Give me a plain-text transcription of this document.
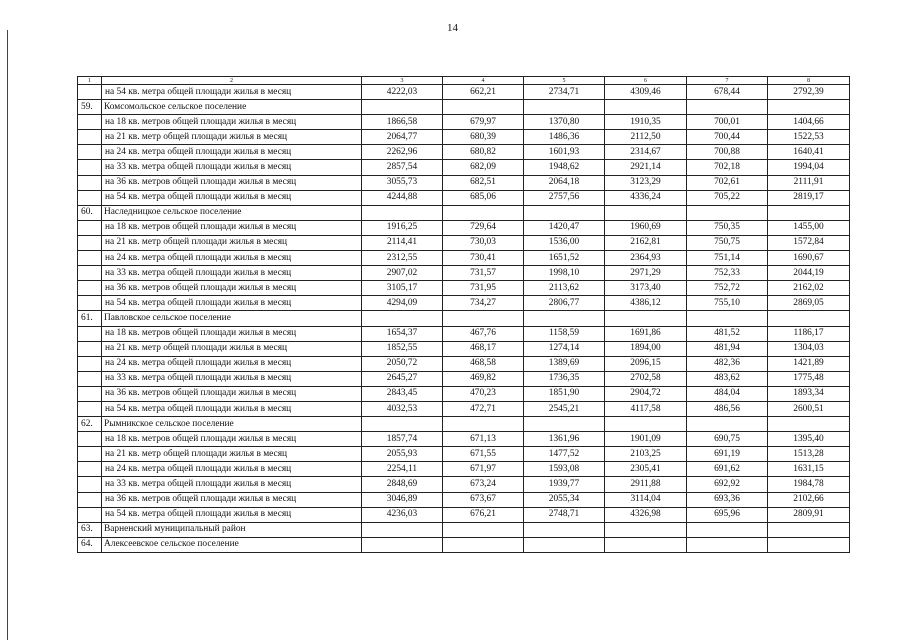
14
1	2	3	4	5	6	7	8
	на 54 кв. метра общей площади жилья в месяц	4222,03	662,21	2734,71	4309,46	678,44	2792,39
59.	Комсомольское сельское поселение						
	на 18 кв. метров общей площади жилья в месяц	1866,58	679,97	1370,80	1910,35	700,01	1404,66
	на 21 кв. метр общей площади жилья в месяц	2064,77	680,39	1486,36	2112,50	700,44	1522,53
	на 24 кв. метра общей площади жилья в месяц	2262,96	680,82	1601,93	2314,67	700,88	1640,41
	на 33 кв. метра общей площади жилья в месяц	2857,54	682,09	1948,62	2921,14	702,18	1994,04
	на 36 кв. метров общей площади жилья в месяц	3055,73	682,51	2064,18	3123,29	702,61	2111,91
	на 54 кв. метра общей площади жилья в месяц	4244,88	685,06	2757,56	4336,24	705,22	2819,17
60.	Наследницкое сельское поселение						
	на 18 кв. метров общей площади жилья в месяц	1916,25	729,64	1420,47	1960,69	750,35	1455,00
	на 21 кв. метр общей площади жилья в месяц	2114,41	730,03	1536,00	2162,81	750,75	1572,84
	на 24 кв. метра общей площади жилья в месяц	2312,55	730,41	1651,52	2364,93	751,14	1690,67
	на 33 кв. метра общей площади жилья в месяц	2907,02	731,57	1998,10	2971,29	752,33	2044,19
	на 36 кв. метров общей площади жилья в месяц	3105,17	731,95	2113,62	3173,40	752,72	2162,02
	на 54 кв. метра общей площади жилья в месяц	4294,09	734,27	2806,77	4386,12	755,10	2869,05
61.	Павловское сельское поселение						
	на 18 кв. метров общей площади жилья в месяц	1654,37	467,76	1158,59	1691,86	481,52	1186,17
	на 21 кв. метр общей площади жилья в месяц	1852,55	468,17	1274,14	1894,00	481,94	1304,03
	на 24 кв. метра общей площади жилья в месяц	2050,72	468,58	1389,69	2096,15	482,36	1421,89
	на 33 кв. метра общей площади жилья в месяц	2645,27	469,82	1736,35	2702,58	483,62	1775,48
	на 36 кв. метров общей площади жилья в месяц	2843,45	470,23	1851,90	2904,72	484,04	1893,34
	на 54 кв. метра общей площади жилья в месяц	4032,53	472,71	2545,21	4117,58	486,56	2600,51
62.	Рымникское сельское поселение						
	на 18 кв. метров общей площади жилья в месяц	1857,74	671,13	1361,96	1901,09	690,75	1395,40
	на 21 кв. метр общей площади жилья в месяц	2055,93	671,55	1477,52	2103,25	691,19	1513,28
	на 24 кв. метра общей площади жилья в месяц	2254,11	671,97	1593,08	2305,41	691,62	1631,15
	на 33 кв. метра общей площади жилья в месяц	2848,69	673,24	1939,77	2911,88	692,92	1984,78
	на 36 кв. метров общей площади жилья в месяц	3046,89	673,67	2055,34	3114,04	693,36	2102,66
	на 54 кв. метра общей площади жилья в месяц	4236,03	676,21	2748,71	4326,98	695,96	2809,91
63.	Варненский муниципальный район						
64.	Алексеевское сельское поселение						
